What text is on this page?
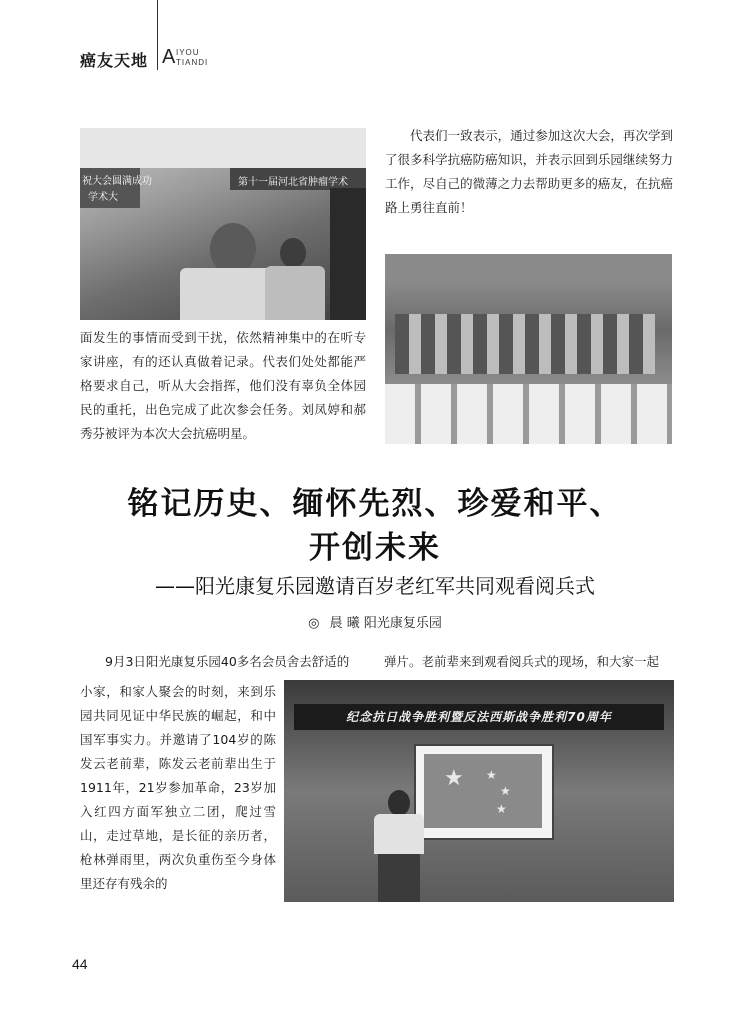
癌友天地 A IYOU
TIANDI
祝大会圆满成功
学术大
第十一届河北省肿瘤学术
代表们一致表示，通过参加这次大会，再次学到了很多科学抗癌防癌知识，并表示回到乐园继续努力工作，尽自己的微薄之力去帮助更多的癌友，在抗癌路上勇往直前！
面发生的事情而受到干扰，依然精神集中的在听专家讲座，有的还认真做着记录。代表们处处都能严格要求自己，听从大会指挥，他们没有辜负全体园民的重托，出色完成了此次参会任务。刘凤婷和郝秀芬被评为本次大会抗癌明星。
铭记历史、缅怀先烈、珍爱和平、
开创未来
——阳光康复乐园邀请百岁老红军共同观看阅兵式
◎ 晨 曦 阳光康复乐园
9月3日阳光康复乐园40多名会员舍去舒适的	弹片。老前辈来到观看阅兵式的现场，和大家一起
小家，和家人聚会的时刻，来到乐园共同见证中华民族的崛起，和中国军事实力。并邀请了104岁的陈发云老前辈，陈发云老前辈出生于1911年，21岁参加革命，23岁加入红四方面军独立二团，爬过雪山，走过草地，是长征的亲历者，枪林弹雨里，两次负重伤至今身体里还存有残余的
纪念抗日战争胜利暨反法西斯战争胜利70周年
★ ★
★
★
44
